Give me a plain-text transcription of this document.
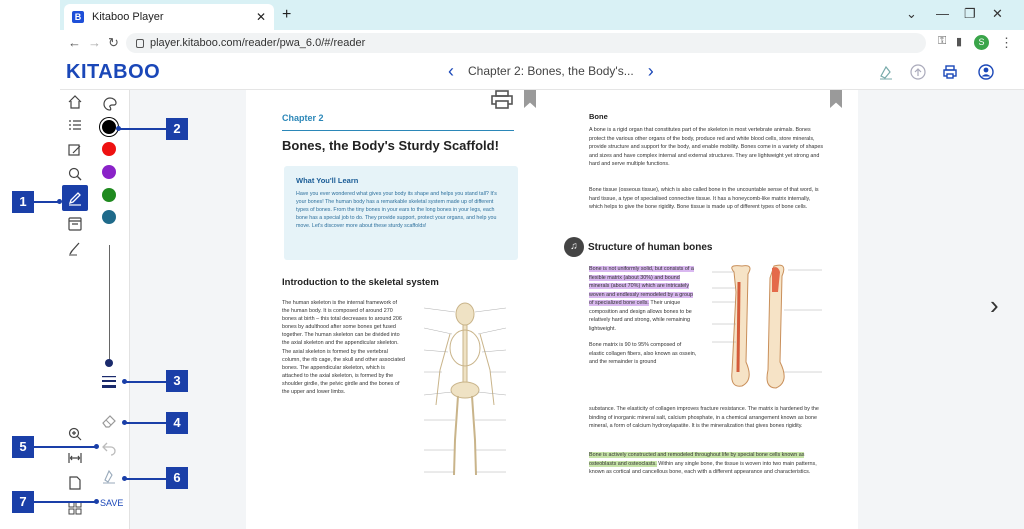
B Kitaboo Player	✕ +	⌄ — ❐ ✕
← → ↻	player.kitaboo.com/reader/pwa_6.0/#/reader	⚿ ▮	S	⋮
KITABOO	‹ Chapter 2: Bones, the Body's... ›
SAVE
Chapter 2
Bones, the Body's Sturdy Scaffold!
What You'll Learn
Have you ever wondered what gives your body its shape and helps you stand tall? It's your bones! The human body has a remarkable skeletal system made up of different types of bones. From the tiny bones in your ears to the long bones in your legs, each bone has a special job to do. They provide support, protect your organs, and help you move. Let's discover more about these sturdy scaffolds!
Introduction to the skeletal system
The human skeleton is the internal framework of the human body. It is composed of around 270 bones at birth – this total decreases to around 206 bones by adulthood after some bones get fused together. The human skeleton can be divided into the axial skeleton and the appendicular skeleton. The axial skeleton is formed by the vertebral column, the rib cage, the skull and other associated bones. The appendicular skeleton, which is attached to the axial skeleton, is formed by the shoulder girdle, the pelvic girdle and the bones of the upper and lower limbs.
Bone
A bone is a rigid organ that constitutes part of the skeleton in most vertebrate animals. Bones protect the various other organs of the body, produce red and white blood cells, store minerals, provide structure and support for the body, and enable mobility. Bones come in a variety of shapes and sizes and have complex internal and external structures. They are lightweight yet strong and hard and serve multiple functions.
Bone tissue (osseous tissue), which is also called bone in the uncountable sense of that word, is hard tissue, a type of specialised connective tissue. It has a honeycomb-like matrix internally, which helps to give the bone rigidity. Bone tissue is made up of different types of bone cells.
♫	Structure of human bones
Bone is not uniformly solid, but consists of a flexible matrix (about 30%) and bound minerals (about 70%) which are intricately woven and endlessly remodeled by a group of specialized bone cells. Their unique composition and design allows bones to be relatively hard and strong, while remaining lightweight.
Bone matrix is 90 to 95% composed of elastic collagen fibers, also known as ossein, and the remainder is ground
substance. The elasticity of collagen improves fracture resistance. The matrix is hardened by the binding of inorganic mineral salt, calcium phosphate, in a chemical arrangement known as bone mineral, a form of calcium hydroxylapatite. It is the mineralization that gives bones rigidity.
Bone is actively constructed and remodeled throughout life by special bone cells known as osteoblasts and osteoclasts. Within any single bone, the tissue is woven into two main patterns, known as cortical and cancellous bone, each with a different appearance and characteristics.
›
1
2
3
4
5
6
7
